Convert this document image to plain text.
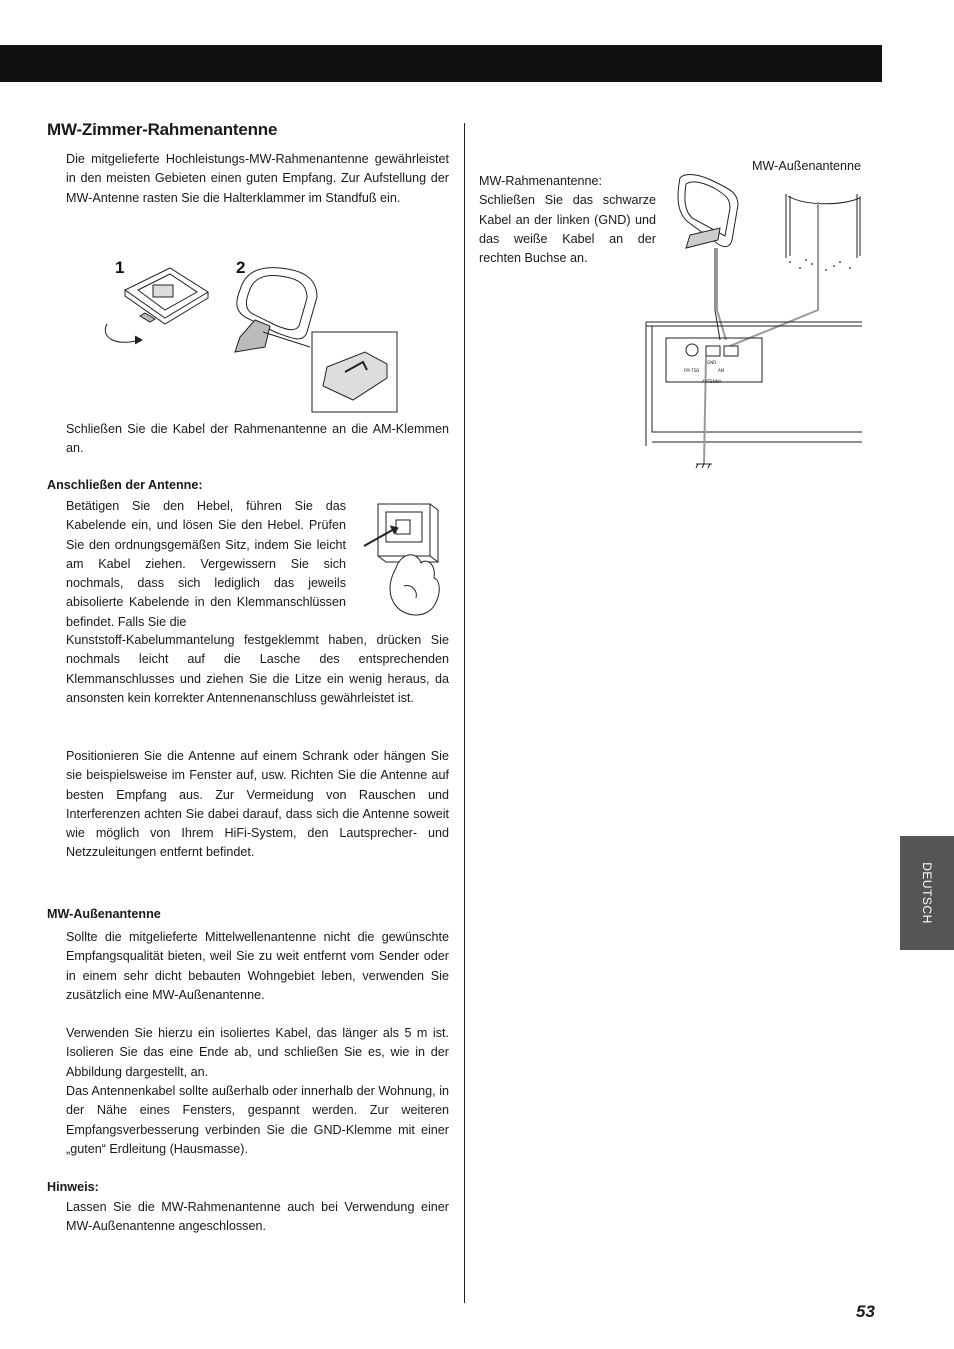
MW-Zimmer-Rahmenantenne

Die mitgelieferte Hochleistungs-MW-Rahmenantenne gewährleistet in den meisten Gebieten einen guten Empfang. Zur Aufstellung der MW-Antenne rasten Sie die Halterklammer im Standfuß ein.

1	2

Schließen Sie die Kabel der Rahmenantenne an die AM-Klemmen an.

Anschließen der Antenne:

Betätigen Sie den Hebel, führen Sie das Kabelende ein, und lösen Sie den Hebel. Prüfen Sie den ordnungsgemäßen Sitz, indem Sie leicht am Kabel ziehen. Vergewissern Sie sich nochmals, dass sich lediglich das jeweils abisolierte Kabelende in den Klemmanschlüssen befindet. Falls Sie die

Kunststoff-Kabelummantelung festgeklemmt haben, drücken Sie nochmals leicht auf die Lasche des entsprechenden Klemmanschlusses und ziehen Sie die Litze ein wenig heraus, da ansonsten kein korrekter Antennenanschluss gewährleistet ist.

Positionieren Sie die Antenne auf einem Schrank oder hängen Sie sie beispielsweise im Fenster auf, usw. Richten Sie die Antenne auf besten Empfang aus. Zur Vermeidung von Rauschen und Interferenzen achten Sie dabei darauf, dass sich die Antenne soweit wie möglich von Ihrem HiFi-System, den Lautsprecher- und Netzzuleitungen entfernt befindet.

MW-Außenantenne

Sollte die mitgelieferte Mittelwellenantenne nicht die gewünschte Empfangsqualität bieten, weil Sie zu weit entfernt vom Sender oder in einem sehr dicht bebauten Wohngebiet leben, verwenden Sie zusätzlich eine MW-Außenantenne.

Verwenden Sie hierzu ein isoliertes Kabel, das länger als 5 m ist. Isolieren Sie das eine Ende ab, und schließen Sie es, wie in der Abbildung dargestellt, an.

Das Antennenkabel sollte außerhalb oder innerhalb der Wohnung, in der Nähe eines Fensters, gespannt werden. Zur weiteren Empfangsverbesserung verbinden Sie die GND-Klemme mit einer „guten“ Erdleitung (Hausmasse).

Hinweis:

Lassen Sie die MW-Rahmenantenne auch bei Verwendung einer MW-Außenantenne angeschlossen.

MW-Rahmenantenne: Schließen Sie das schwarze Kabel an der linken (GND) und das weiße Kabel an der rechten Buchse an.
MW-Außenantenne
FM 75Ω
GND
AM
ANTENNA
DEUTSCH
53
